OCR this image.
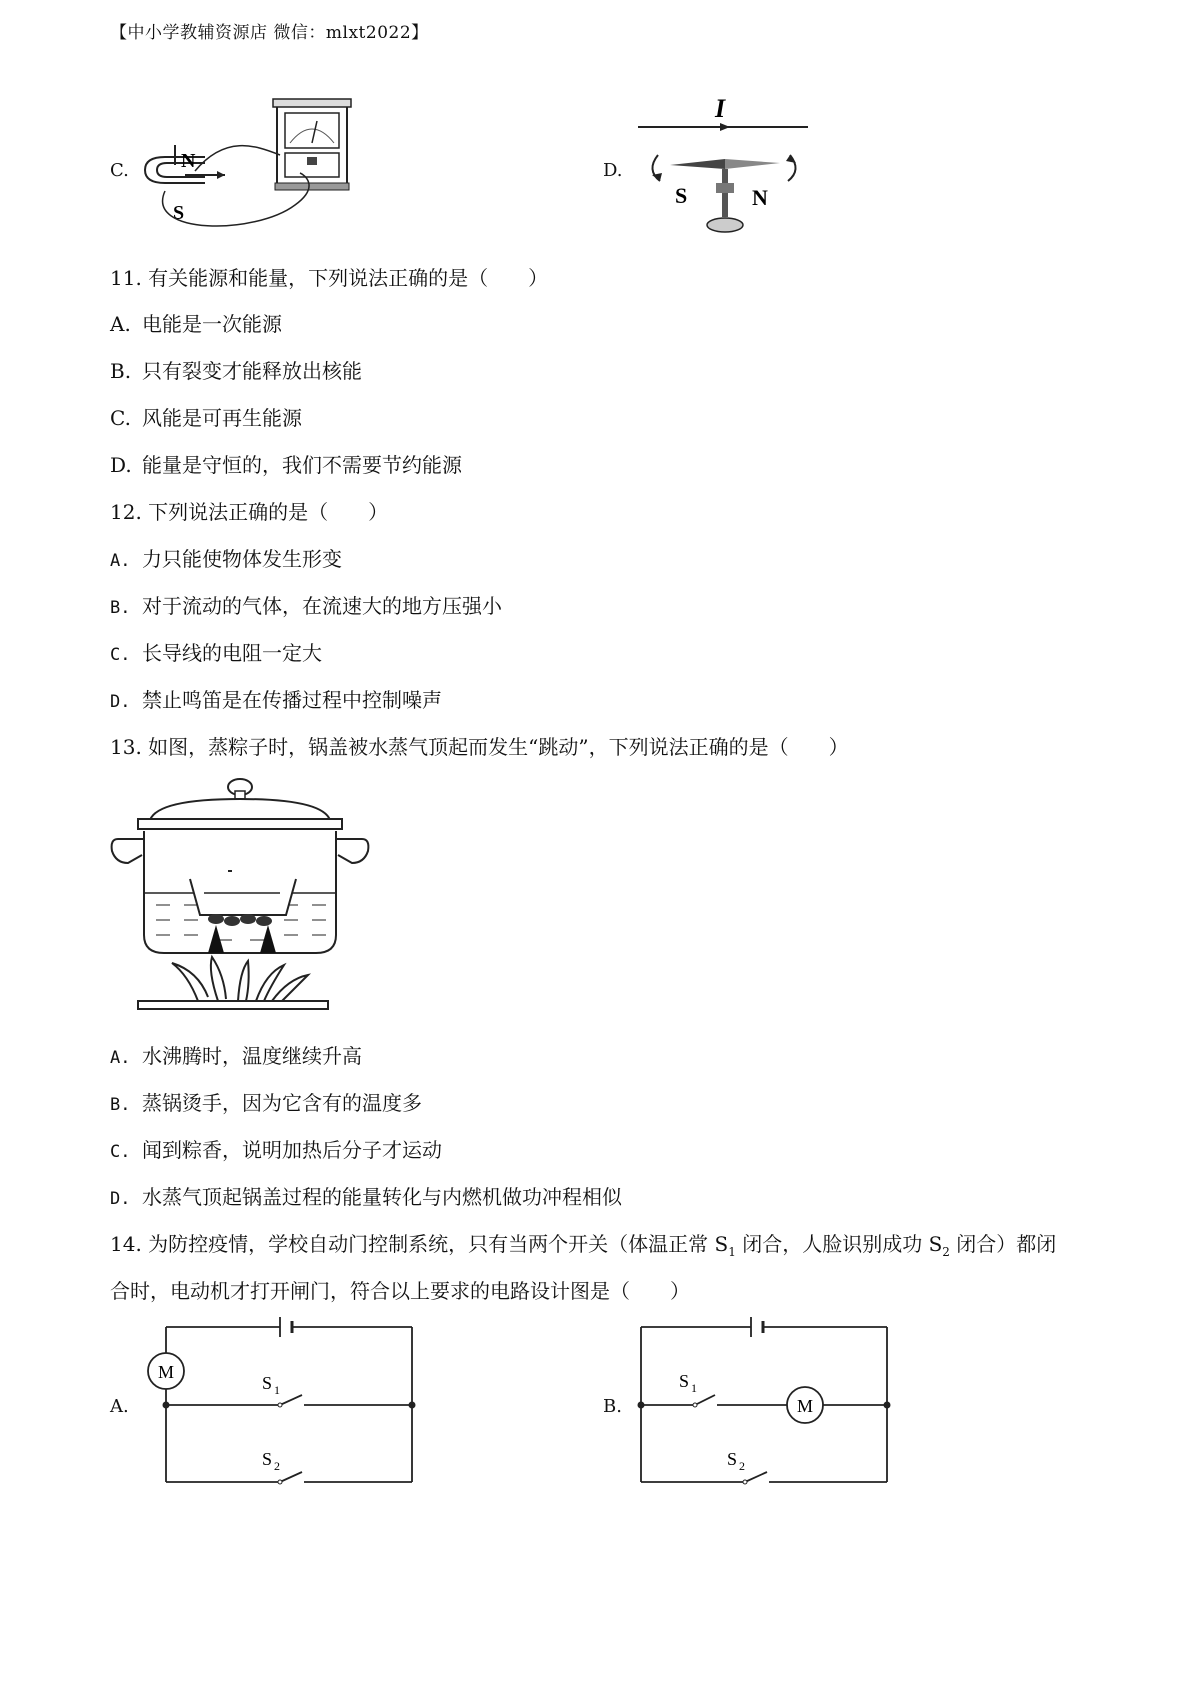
【中小学教辅资源店 微信：mlxt2022】
C.	N
S
D.
I
S	N
11. 有关能源和能量，下列说法正确的是（　　）
A. 电能是一次能源
B. 只有裂变才能释放出核能
C. 风能是可再生能源
D. 能量是守恒的，我们不需要节约能源
12. 下列说法正确的是（　　）
A. 力只能使物体发生形变
B. 对于流动的气体，在流速大的地方压强小
C. 长导线的电阻一定大
D. 禁止鸣笛是在传播过程中控制噪声
13. 如图，蒸粽子时，锅盖被水蒸气顶起而发生“跳动”，下列说法正确的是（　　）
A. 水沸腾时，温度继续升高
B. 蒸锅烫手，因为它含有的温度多
C. 闻到粽香，说明加热后分子才运动
D. 水蒸气顶起锅盖过程的能量转化与内燃机做功冲程相似
14. 为防控疫情，学校自动门控制系统，只有当两个开关（体温正常 $S_1$ 闭合，人脸识别成功 $S_2$ 闭合）都闭
合时，电动机才打开闸门，符合以上要求的电路设计图是（　　）
A.
M
S 1
S 2
B.	M
S 1
S 2
